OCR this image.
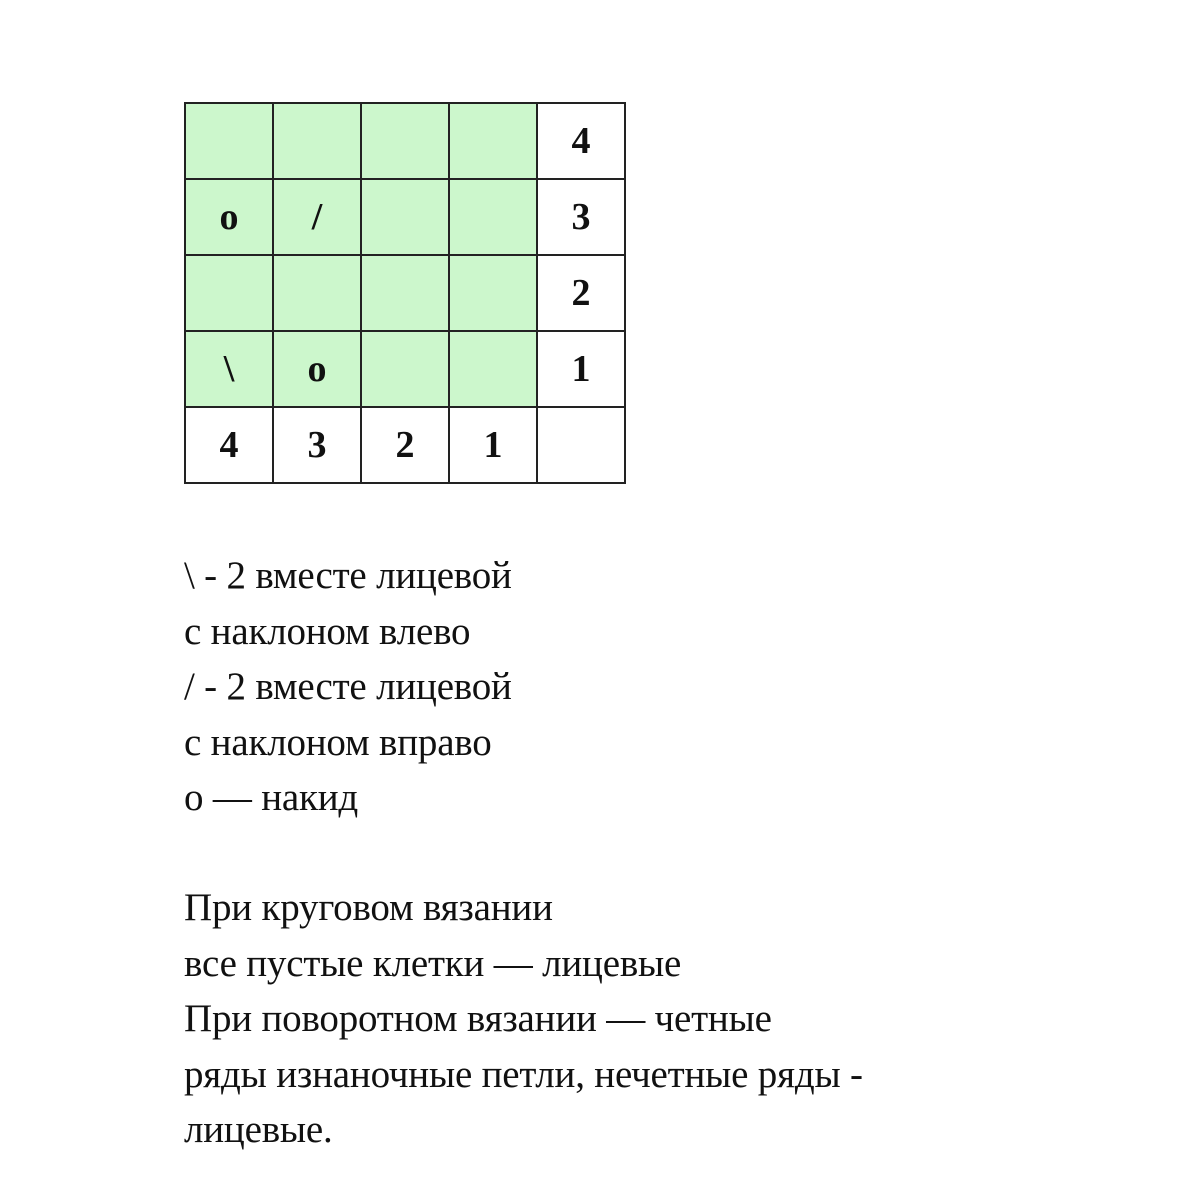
				4
o	/			3
				2
\	o			1
4	3	2	1	
\ - 2 вместе лицевой
с наклоном влево
/ - 2 вместе лицевой
с наклоном вправо
о — накид
При круговом вязании
все пустые клетки — лицевые
При поворотном вязании — четные
ряды изнаночные петли, нечетные ряды -
лицевые.
